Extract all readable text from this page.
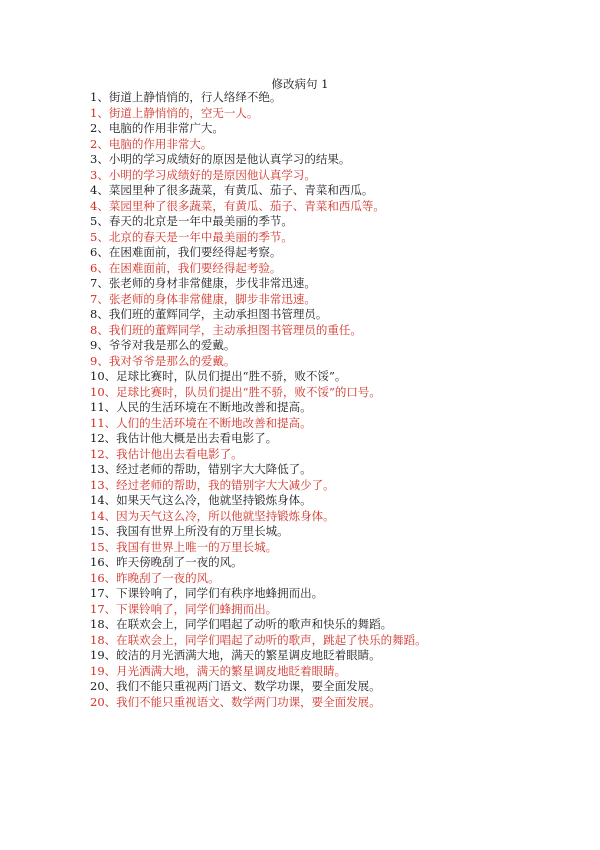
修改病句 1
1、街道上静悄悄的，行人络绎不绝。
1、街道上静悄悄的，空无一人。
2、电脑的作用非常广大。
2、电脑的作用非常大。
3、小明的学习成绩好的原因是他认真学习的结果。
3、小明的学习成绩好的是原因他认真学习。
4、菜园里种了很多蔬菜，有黄瓜、茄子、青菜和西瓜。
4、菜园里种了很多蔬菜，有黄瓜、茄子、青菜和西瓜等。
5、春天的北京是一年中最美丽的季节。
5、北京的春天是一年中最美丽的季节。
6、在困难面前，我们要经得起考察。
6、在困难面前，我们要经得起考验。
7、张老师的身材非常健康，步伐非常迅速。
7、张老师的身体非常健康，脚步非常迅速。
8、我们班的董辉同学，主动承担图书管理员。
8、我们班的董辉同学，主动承担图书管理员的重任。
9、爷爷对我是那么的爱戴。
9、我对爷爷是那么的爱戴。
10、足球比赛时，队员们提出“胜不骄，败不馁”。
10、足球比赛时，队员们提出“胜不骄，败不馁”的口号。
11、人民的生活环境在不断地改善和提高。
11、人们的生活环境在不断地改善和提高。
12、我估计他大概是出去看电影了。
12、我估计他出去看电影了。
13、经过老师的帮助，错别字大大降低了。
13、经过老师的帮助，我的错别字大大减少了。
14、如果天气这么冷，他就坚持锻炼身体。
14、因为天气这么冷，所以他就坚持锻炼身体。
15、我国有世界上所没有的万里长城。
15、我国有世界上唯一的万里长城。
16、昨天傍晚刮了一夜的风。
16、昨晚刮了一夜的风。
17、下课铃响了，同学们有秩序地蜂拥而出。
17、下课铃响了，同学们蜂拥而出。
18、在联欢会上，同学们唱起了动听的歌声和快乐的舞蹈。
18、在联欢会上，同学们唱起了动听的歌声，跳起了快乐的舞蹈。
19、皎洁的月光洒满大地，满天的繁星调皮地眨着眼睛。
19、月光洒满大地，满天的繁星调皮地眨着眼睛。
20、我们不能只重视两门语文、数学功课，要全面发展。
20、我们不能只重视语文、数学两门功课，要全面发展。
